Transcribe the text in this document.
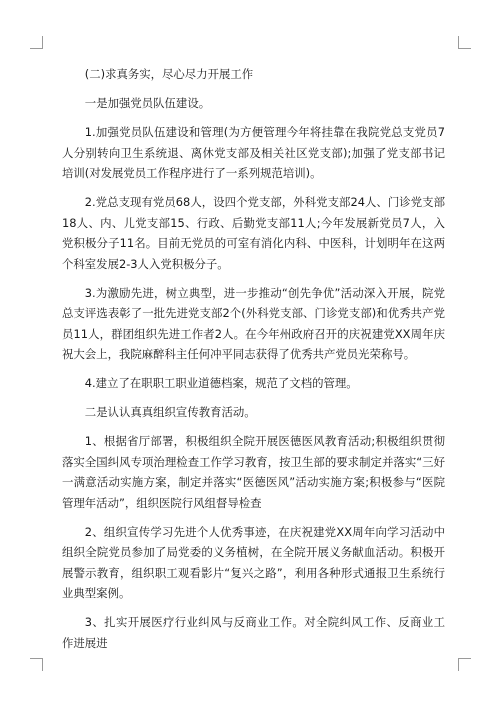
(二)求真务实，尽心尽力开展工作

一是加强党员队伍建设。

1.加强党员队伍建设和管理(为方便管理今年将挂靠在我院党总支党员7人分别转向卫生系统退、离休党支部及相关社区党支部);加强了党支部书记培训(对发展党员工作程序进行了一系列规范培训)。

2.党总支现有党员68人，设四个党支部，外科党支部24人、门诊党支部18人、内、儿党支部15、行政、后勤党支部11人;今年发展新党员7人，入党积极分子11名。目前无党员的可室有消化内科、中医科，计划明年在这两个科室发展2-3人入党积极分子。

3.为激励先进，树立典型，进一步推动“创先争优”活动深入开展，院党总支评选表彰了一批先进党支部2个(外科党支部、门诊党支部)和优秀共产党员11人，群团组织先进工作者2人。在今年州政府召开的庆祝建党XX周年庆祝大会上，我院麻醉科主任何冲平同志获得了优秀共产党员光荣称号。

4.建立了在职职工职业道德档案，规范了文档的管理。

二是认认真真组织宣传教育活动。

1、根据省厅部署，积极组织全院开展医德医风教育活动;积极组织贯彻落实全国纠风专项治理检查工作学习教育，按卫生部的要求制定并落实“三好一满意活动实施方案，制定并落实“医德医风”活动实施方案;积极参与“医院管理年活动”，组织医院行风组督导检查

2、组织宣传学习先进个人优秀事迹，在庆祝建党XX周年向学习活动中组织全院党员参加了局党委的义务植树，在全院开展义务献血活动。积极开展警示教育，组织职工观看影片“复兴之路”，利用各种形式通报卫生系统行业典型案例。

3、扎实开展医疗行业纠风与反商业工作。对全院纠风工作、反商业工作进展进
